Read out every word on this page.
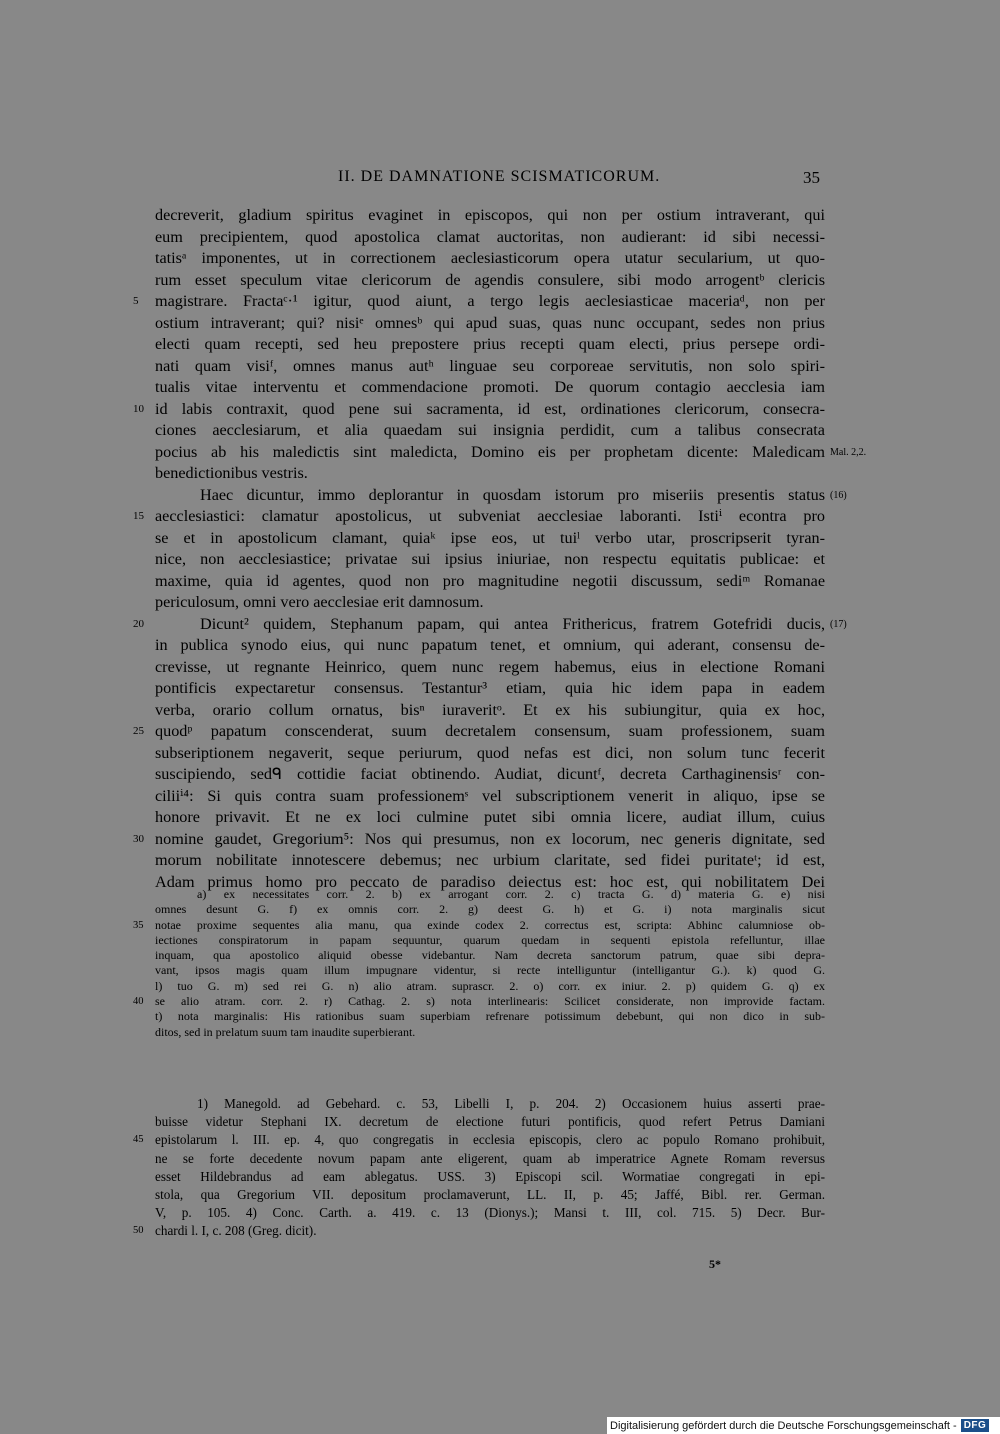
II. DE DAMNATIONE SCISMATICORUM.	35
decreverit, gladium spiritus evaginet in episcopos, qui non per ostium intraverant, qui
eum precipientem, quod apostolica clamat auctoritas, non audierant: id sibi necessi-
tatisᵃ imponentes, ut in correctionem aeclesiasticorum opera utatur secularium, ut quo-
rum esset speculum vitae clericorum de agendis consulere, sibi modo arrogentᵇ clericis
5	magistrare. Fractaᶜ·¹ igitur, quod aiunt, a tergo legis aeclesiasticae maceriaᵈ, non per
ostium intraverant; qui? nisiᵉ omnesᵇ qui apud suas, quas nunc occupant, sedes non prius
electi quam recepti, sed heu prepostere prius recepti quam electi, prius persepe ordi-
nati quam visiᶠ, omnes manus autʰ linguae seu corporeae servitutis, non solo spiri-
tualis vitae interventu et commendacione promoti. De quorum contagio aecclesia iam
10 id labis contraxit, quod pene sui sacramenta, id est, ordinationes clericorum, consecra-
ciones aecclesiarum, et alia quaedam sui insignia perdidit, cum a talibus consecrata
pocius ab his maledictis sint maledicta, Domino eis per prophetam dicente: Maledicam Mal. 2,2.
benedictionibus vestris.
Haec dicuntur, immo deplorantur in quosdam istorum pro miseriis presentis status (16)
15 aecclesiastici: clamatur apostolicus, ut subveniat aecclesiae laboranti. Istiⁱ econtra pro
se et in apostolicum clamant, quiaᵏ ipse eos, ut tuiˡ verbo utar, proscripserit tyran-
nice, non aecclesiastice; privatae sui ipsius iniuriae, non respectu equitatis publicae: et
maxime, quia id agentes, quod non pro magnitudine negotii discussum, sediᵐ Romanae
periculosum, omni vero aecclesiae erit damnosum.
20	Dicunt² quidem, Stephanum papam, qui antea Frithericus, fratrem Gotefridi ducis, (17)
in publica synodo eius, qui nunc papatum tenet, et omnium, qui aderant, consensu de-
crevisse, ut regnante Heinrico, quem nunc regem habemus, eius in electione Romani
pontificis expectaretur consensus. Testantur³ etiam, quia hic idem papa in eadem
verba, orario collum ornatus, bisⁿ iuraveritᵒ. Et ex his subiungitur, quia ex hoc,
25 quodᵖ papatum conscenderat, suum decretalem consensum, suam professionem, suam
subseriptionem negaverit, seque periurum, quod nefas est dici, non solum tunc fecerit
suscipiendo, sedᑫ cottidie faciat obtinendo. Audiat, dicuntᶠ, decreta Carthaginensisʳ con-
ciliiⁱ⁴: Si quis contra suam professionemˢ vel subscriptionem venerit in aliquo, ipse se
honore privavit. Et ne ex loci culmine putet sibi omnia licere, audiat illum, cuius
30 nomine gaudet, Gregorium⁵: Nos qui presumus, non ex locorum, nec generis dignitate, sed
morum nobilitate innotescere debemus; nec urbium claritate, sed fidei puritateᵗ; id est,
Adam primus homo pro peccato de paradiso deiectus est: hoc est, qui nobilitatem Dei
a) ex necessitates corr. 2. b) ex arrogant corr. 2. c) tracta G. d) materia G. e) nisi
omnes desunt G. f) ex omnis corr. 2. g) deest G. h) et G. i) nota marginalis sicut
35 notae proxime sequentes alia manu, qua exinde codex 2. correctus est, scripta: Abhinc calumniose ob-
iectiones conspiratorum in papam sequuntur, quarum quedam in sequenti epistola refelluntur, illae
inquam, qua apostolico aliquid obesse videbantur. Nam decreta sanctorum patrum, quae sibi depra-
vant, ipsos magis quam illum impugnare videntur, si recte intelliguntur (intelligantur G.). k) quod G.
l) tuo G. m) sed rei G. n) alio atram. suprascr. 2. o) corr. ex iniur. 2. p) quidem G. q) ex
40 se alio atram. corr. 2. r) Cathag. 2. s) nota interlinearis: Scilicet considerate, non improvide factam.
t) nota marginalis: His rationibus suam superbiam refrenare potissimum debebunt, qui non dico in sub-
ditos, sed in prelatum suum tam inaudite superbierant.
1) Manegold. ad Gebehard. c. 53, Libelli I, p. 204. 2) Occasionem huius asserti prae-
buisse videtur Stephani IX. decretum de electione futuri pontificis, quod refert Petrus Damiani
45 epistolarum l. III. ep. 4, quo congregatis in ecclesia episcopis, clero ac populo Romano prohibuit,
ne se forte decedente novum papam ante eligerent, quam ab imperatrice Agnete Romam reversus
esset Hildebrandus ad eam ablegatus. USS. 3) Episcopi scil. Wormatiae congregati in epi-
stola, qua Gregorium VII. depositum proclamaverunt, LL. II, p. 45; Jaffé, Bibl. rer. German.
V, p. 105. 4) Conc. Carth. a. 419. c. 13 (Dionys.); Mansi t. III, col. 715. 5) Decr. Bur-
50 chardi l. I, c. 208 (Greg. dicit).
5*
Digitalisierung gefördert durch die Deutsche Forschungsgemeinschaft - DFG
